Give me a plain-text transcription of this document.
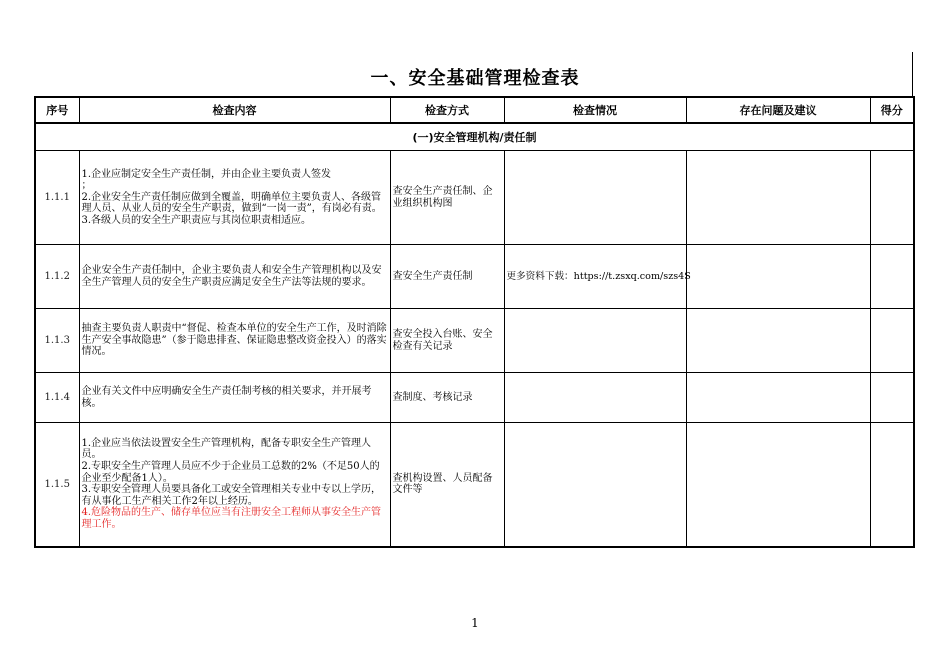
一、安全基础管理检查表
序号	检查内容	检查方式	检查情况	存在问题及建议	得分
(一)安全管理机构/责任制					
1.1.1	1.企业应制定安全生产责任制，并由企业主要负责人签发
；
2.企业安全生产责任制应做到全覆盖，明确单位主要负责人、各级管理人员、从业人员的安全生产职责，做到“一岗一责”，有岗必有责。
3.各级人员的安全生产职责应与其岗位职责相适应。	查安全生产责任制、企业组织机构图			
1.1.2	企业安全生产责任制中，企业主要负责人和安全生产管理机构以及安全生产管理人员的安全生产职责应满足安全生产法等法规的要求。	查安全生产责任制	更多资料下载：https://t.zsxq.com/szs4S		
1.1.3	抽查主要负责人职责中“督促、检查本单位的安全生产工作，及时消除生产安全事故隐患”（参于隐患排查、保证隐患整改资金投入）的落实情况。	查安全投入台账、安全检查有关记录			
1.1.4	企业有关文件中应明确安全生产责任制考核的相关要求，并开展考核。	查制度、考核记录			
1.1.5	1.企业应当依法设置安全生产管理机构，配备专职安全生产管理人员。
2.专职安全生产管理人员应不少于企业员工总数的2%（不足50人的企业至少配备1人）。
3.专职安全管理人员要具备化工或安全管理相关专业中专以上学历，有从事化工生产相关工作2年以上经历。
4.危险物品的生产、储存单位应当有注册安全工程师从事安全生产管理工作。	查机构设置、人员配备文件等			
1
